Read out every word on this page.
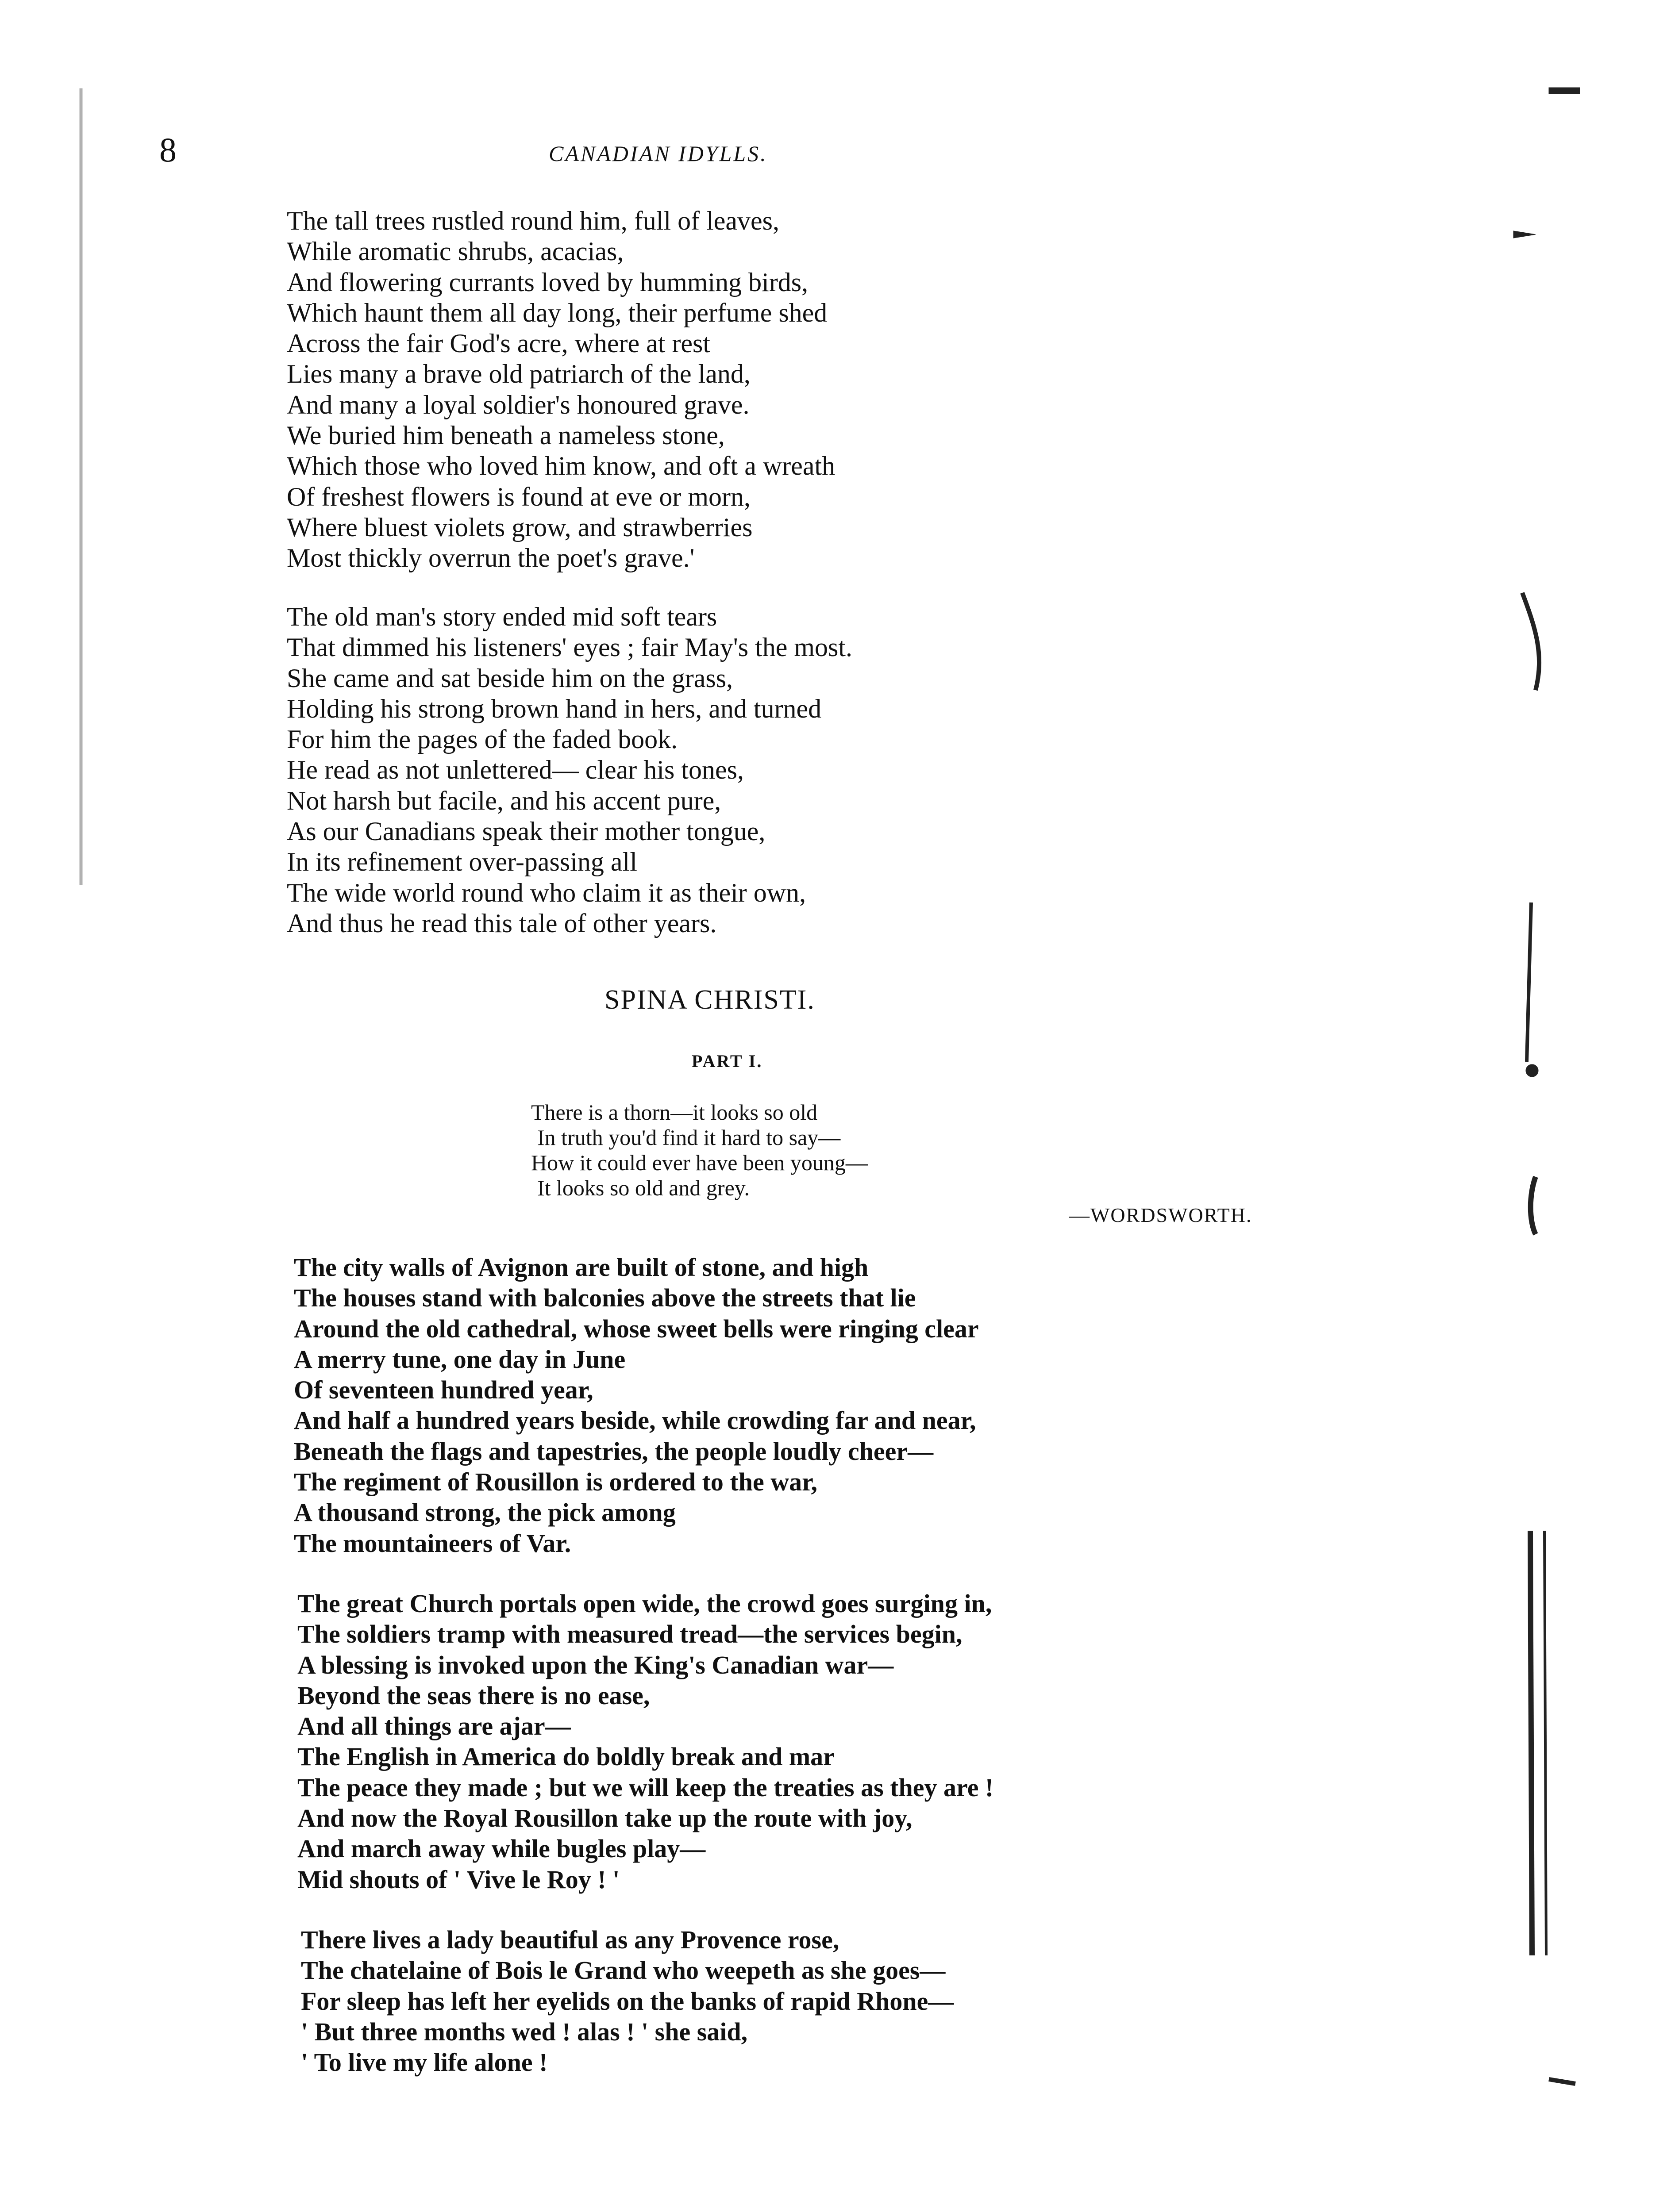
8	CANADIAN IDYLLS.
The tall trees rustled round him, full of leaves,
While aromatic shrubs, acacias,
And flowering currants loved by humming birds,
Which haunt them all day long, their perfume shed
Across the fair God's acre, where at rest
Lies many a brave old patriarch of the land,
And many a loyal soldier's honoured grave.
We buried him beneath a nameless stone,
Which those who loved him know, and oft a wreath
Of freshest flowers is found at eve or morn,
Where bluest violets grow, and strawberries
Most thickly overrun the poet's grave.'
The old man's story ended mid soft tears
That dimmed his listeners' eyes ; fair May's the most.
She came and sat beside him on the grass,
Holding his strong brown hand in hers, and turned
For him the pages of the faded book.
He read as not unlettered— clear his tones,
Not harsh but facile, and his accent pure,
As our Canadians speak their mother tongue,
In its refinement over-passing all
The wide world round who claim it as their own,
And thus he read this tale of other years.
SPINA CHRISTI.
PART I.
There is a thorn—it looks so old
In truth you'd find it hard to say—
How it could ever have been young—
It looks so old and grey.
—WORDSWORTH.
The city walls of Avignon are built of stone, and high
The houses stand with balconies above the streets that lie
Around the old cathedral, whose sweet bells were ringing clear
A merry tune, one day in June
Of seventeen hundred year,
And half a hundred years beside, while crowding far and near,
Beneath the flags and tapestries, the people loudly cheer—
The regiment of Rousillon is ordered to the war,
A thousand strong, the pick among
The mountaineers of Var.
The great Church portals open wide, the crowd goes surging in,
The soldiers tramp with measured tread—the services begin,
A blessing is invoked upon the King's Canadian war—
Beyond the seas there is no ease,
And all things are ajar—
The English in America do boldly break and mar
The peace they made ; but we will keep the treaties as they are !
And now the Royal Rousillon take up the route with joy,
And march away while bugles play—
Mid shouts of ' Vive le Roy ! '
There lives a lady beautiful as any Provence rose,
The chatelaine of Bois le Grand who weepeth as she goes—
For sleep has left her eyelids on the banks of rapid Rhone—
' But three months wed ! alas ! ' she said,
' To live my life alone !
